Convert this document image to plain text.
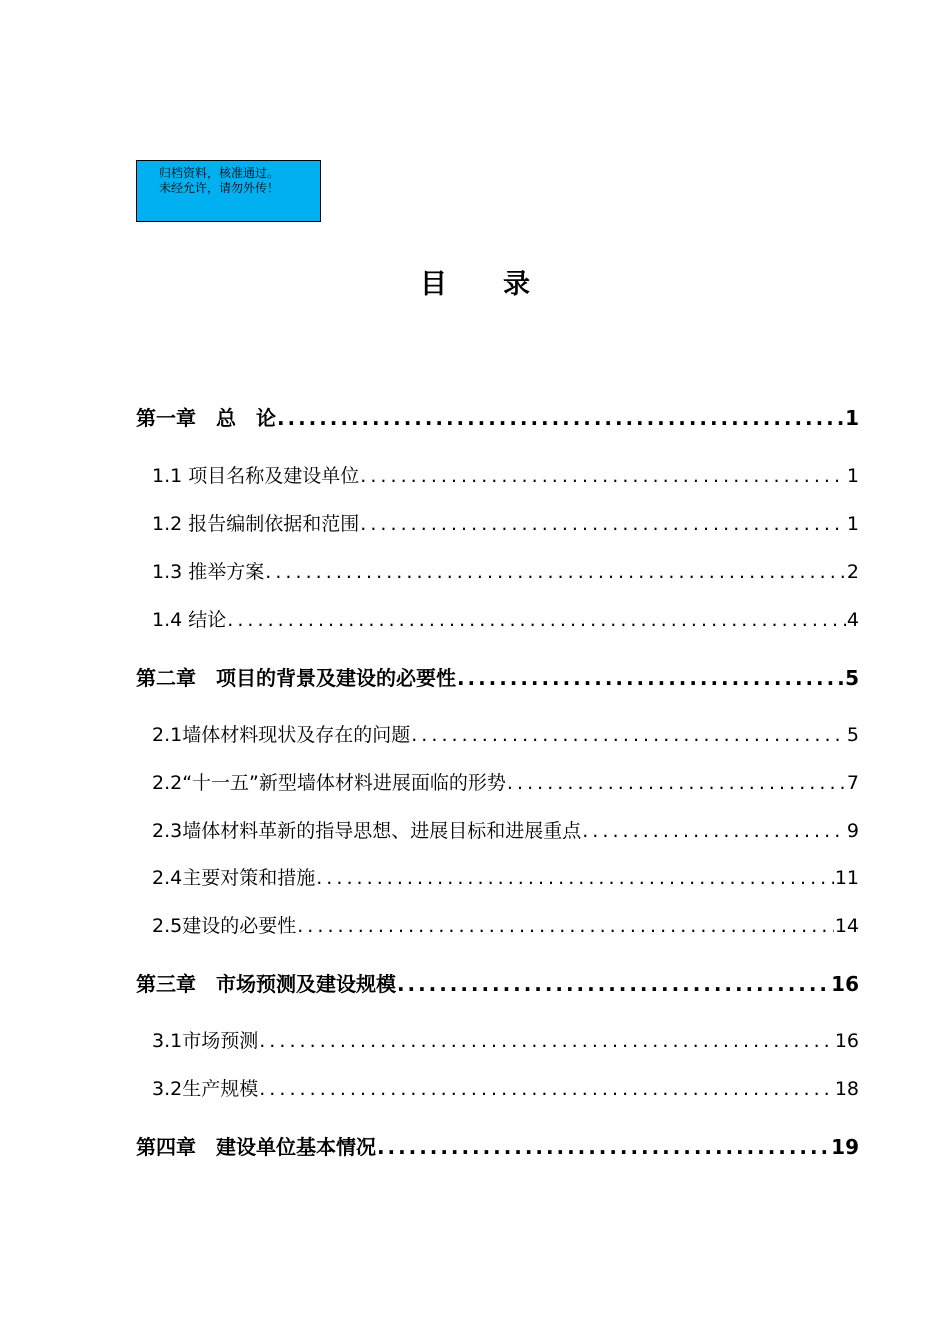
归档资料，核准通过。
未经允许，请勿外传！
目 录
第一章　总　论 . . .	1
1.1 项目名称及建设单位 . . .	1
1.2 报告编制依据和范围 . . .	1
1.3 推举方案 . . .	2
1.4 结论 . . .	4
第二章　项目的背景及建设的必要性 . . .	5
2.1墙体材料现状及存在的问题 . . .	5
2.2“十一五”新型墙体材料进展面临的形势 . . .	7
2.3墙体材料革新的指导思想、进展目标和进展重点 . . .	9
2.4主要对策和措施 . . .	11
2.5建设的必要性 . . .	14
第三章　市场预测及建设规模 . . .	16
3.1市场预测 . . .	16
3.2生产规模 . . .	18
第四章　建设单位基本情况 . . .	19
